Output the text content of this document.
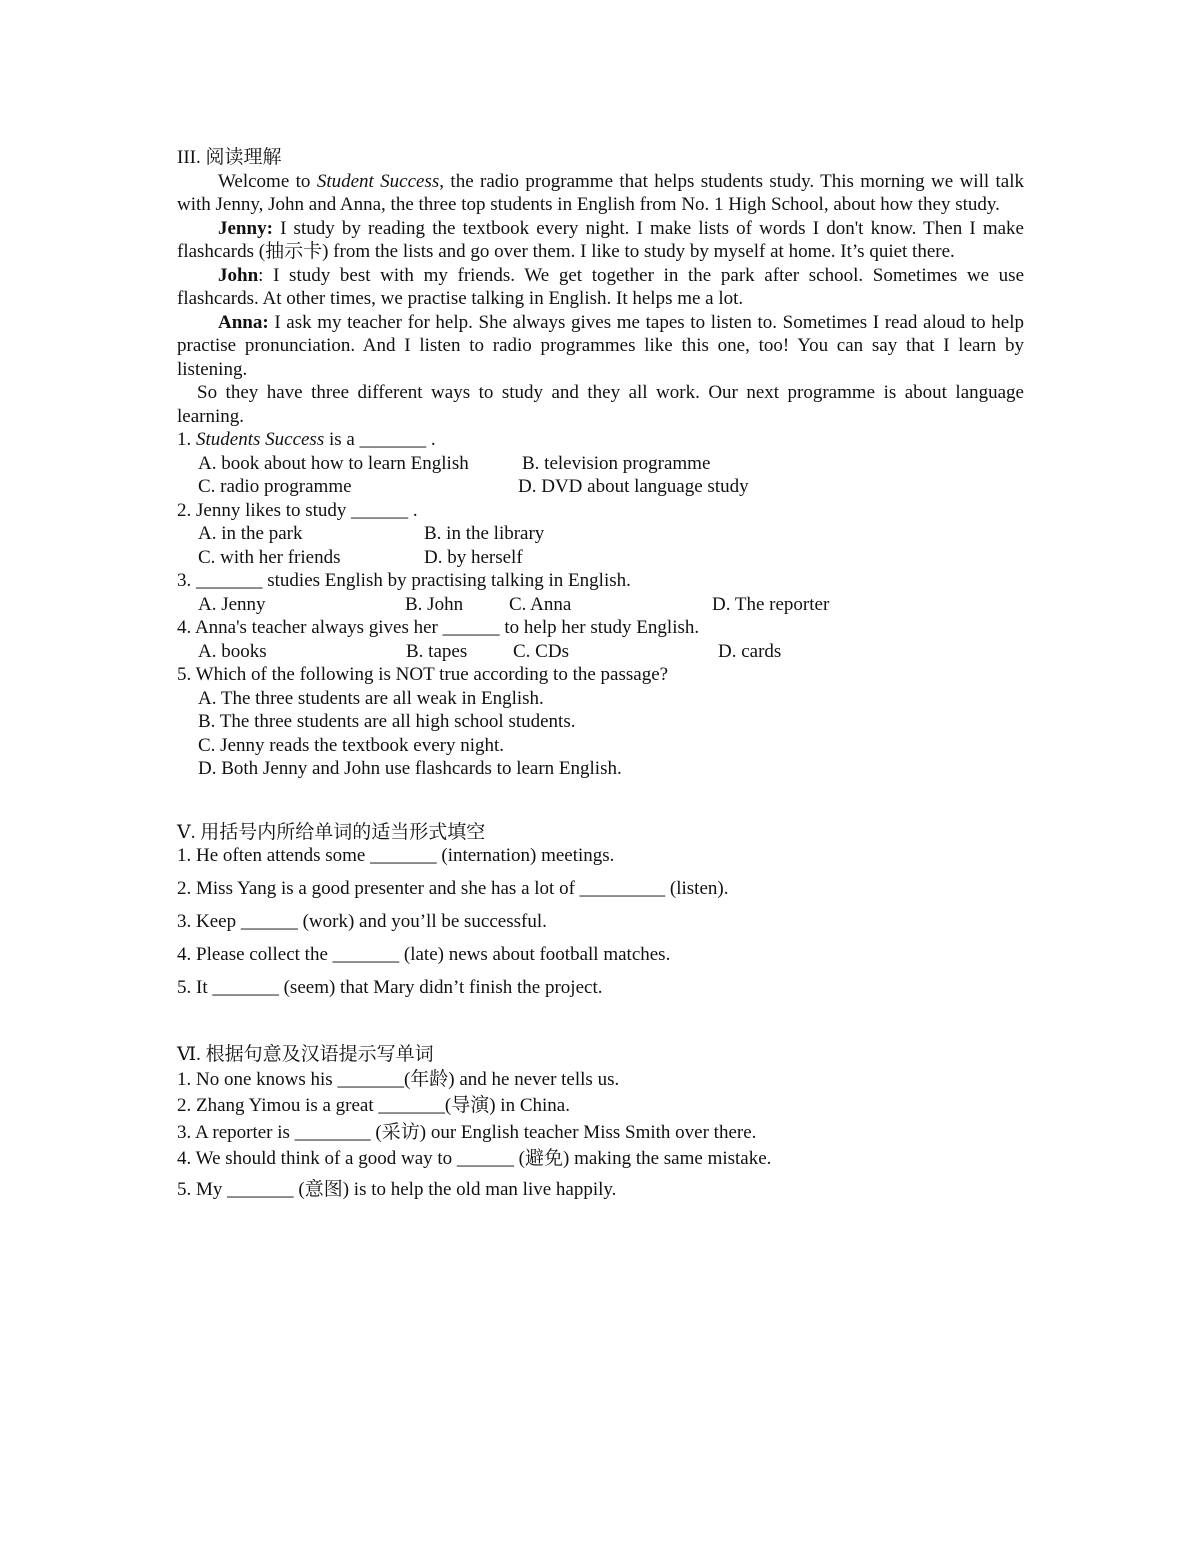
III. 阅读理解

Welcome to Student Success, the radio programme that helps students study. This morning we will talk with Jenny, John and Anna, the three top students in English from No. 1 High School, about how they study.

Jenny: I study by reading the textbook every night. I make lists of words I don't know. Then I make flashcards (抽示卡) from the lists and go over them. I like to study by myself at home. It’s quiet there.

John: I study best with my friends. We get together in the park after school. Sometimes we use flashcards. At other times, we practise talking in English. It helps me a lot.

Anna: I ask my teacher for help. She always gives me tapes to listen to. Sometimes I read aloud to help practise pronunciation. And I listen to radio programmes like this one, too! You can say that I learn by listening.

So they have three different ways to study and they all work. Our next programme is about language learning.

1. Students Success is a _______ .

A. book about how to learn English	B. television programme
C. radio programme	D. DVD about language study

2. Jenny likes to study ______ .

A. in the park	B. in the library
C. with her friends	D. by herself

3. _______ studies English by practising talking in English.

A. Jenny	B. John	C. Anna	D. The reporter

4. Anna's teacher always gives her ______ to help her study English.

A. books	B. tapes	C. CDs	D. cards

5. Which of the following is NOT true according to the passage?

A. The three students are all weak in English.
B. The three students are all high school students.
C. Jenny reads the textbook every night.
D. Both Jenny and John use flashcards to learn English.

Ⅴ. 用括号内所给单词的适当形式填空

1. He often attends some _______ (internation) meetings.

2. Miss Yang is a good presenter and she has a lot of _________ (listen).

3. Keep ______ (work) and you’ll be successful.

4. Please collect the _______ (late) news about football matches.

5. It _______ (seem) that Mary didn’t finish the project.

Ⅵ. 根据句意及汉语提示写单词

1. No one knows his _______(年龄) and he never tells us.

2. Zhang Yimou is a great _______(导演) in China.

3. A reporter is ________ (采访) our English teacher Miss Smith over there.

4. We should think of a good way to ______ (避免) making the same mistake.

5. My _______ (意图) is to help the old man live happily.
